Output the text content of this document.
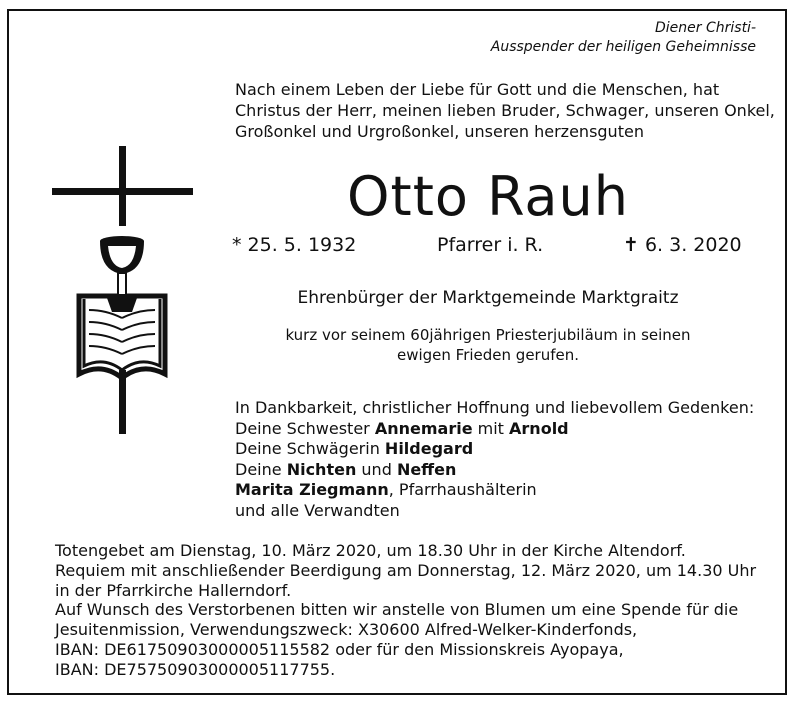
Diener Christi-
Ausspender der heiligen Geheimnisse
Nach einem Leben der Liebe für Gott und die Menschen, hat
Christus der Herr, meinen lieben Bruder, Schwager, unseren Onkel,
Großonkel und Urgroßonkel, unseren herzensguten
Otto Rauh
* 25. 5. 1932	Pfarrer i. R.	✝ 6. 3. 2020
Ehrenbürger der Marktgemeinde Marktgraitz
kurz vor seinem 60jährigen Priesterjubiläum in seinen
ewigen Frieden gerufen.
In Dankbarkeit, christlicher Hoffnung und liebevollem Gedenken:
Deine Schwester Annemarie mit Arnold
Deine Schwägerin Hildegard
Deine Nichten und Neffen
Marita Ziegmann, Pfarrhaushälterin
und alle Verwandten
Totengebet am Dienstag, 10. März 2020, um 18.30 Uhr in der Kirche Altendorf.
Requiem mit anschließender Beerdigung am Donnerstag, 12. März 2020, um 14.30 Uhr
in der Pfarrkirche Hallerndorf.
Auf Wunsch des Verstorbenen bitten wir anstelle von Blumen um eine Spende für die
Jesuitenmission, Verwendungszweck: X30600 Alfred-Welker-Kinderfonds,
IBAN: DE61750903000005115582 oder für den Missionskreis Ayopaya,
IBAN: DE75750903000005117755.
